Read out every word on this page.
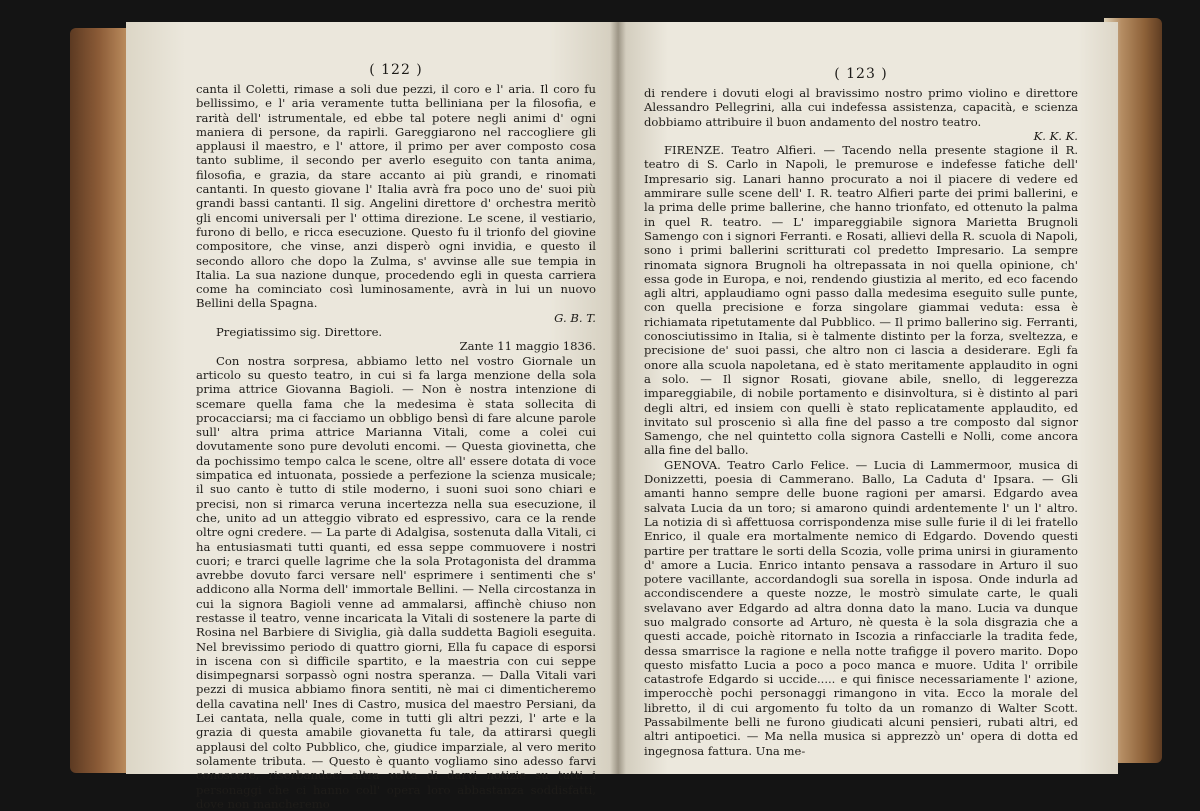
( 122 )

canta il Coletti, rimase a soli due pezzi, il coro e l' aria. Il coro fu bellissimo, e l' aria veramente tutta belliniana per la filosofia, e rarità dell' istrumentale, ed ebbe tal potere negli animi d' ogni maniera di persone, da rapirli. Gareggiarono nel raccogliere gli applausi il maestro, e l' attore, il primo per aver composto cosa tanto sublime, il secondo per averlo eseguito con tanta anima, filosofia, e grazia, da stare accanto ai più grandi, e rinomati cantanti. In questo giovane l' Italia avrà fra poco uno de' suoi più grandi bassi cantanti. Il sig. Angelini direttore d' orchestra meritò gli encomi universali per l' ottima direzione. Le scene, il vestiario, furono di bello, e ricca esecuzione. Questo fu il trionfo del giovine compositore, che vinse, anzi disperò ogni invidia, e questo il secondo alloro che dopo la Zulma, s' avvinse alle sue tempia in Italia. La sua nazione dunque, procedendo egli in questa carriera come ha cominciato così luminosamente, avrà in lui un nuovo Bellini della Spagna.

G. B. T.

Pregiatissimo sig. Direttore.

Zante 11 maggio 1836.

Con nostra sorpresa, abbiamo letto nel vostro Giornale un articolo su questo teatro, in cui si fa larga menzione della sola prima attrice Giovanna Bagioli. — Non è nostra intenzione di scemare quella fama che la medesima è stata sollecita di procacciarsi; ma ci facciamo un obbligo bensì di fare alcune parole sull' altra prima attrice Marianna Vitali, come a colei cui dovutamente sono pure devoluti encomi. — Questa giovinetta, che da pochissimo tempo calca le scene, oltre all' essere dotata di voce simpatica ed intuonata, possiede a perfezione la scienza musicale; il suo canto è tutto di stile moderno, i suoni suoi sono chiari e precisi, non si rimarca veruna incertezza nella sua esecuzione, il che, unito ad un atteggio vibrato ed espressivo, cara ce la rende oltre ogni credere. — La parte di Adalgisa, sostenuta dalla Vitali, ci ha entusiasmati tutti quanti, ed essa seppe commuovere i nostri cuori; e trarci quelle lagrime che la sola Protagonista del dramma avrebbe dovuto farci versare nell' esprimere i sentimenti che s' addicono alla Norma dell' immortale Bellini. — Nella circostanza in cui la signora Bagioli venne ad ammalarsi, affinchè chiuso non restasse il teatro, venne incaricata la Vitali di sostenere la parte di Rosina nel Barbiere di Siviglia, già dalla suddetta Bagioli eseguita. Nel brevissimo periodo di quattro giorni, Ella fu capace di esporsi in iscena con sì difficile spartito, e la maestria con cui seppe disimpegnarsi sorpassò ogni nostra speranza. — Dalla Vitali vari pezzi di musica abbiamo finora sentiti, nè mai ci dimenticheremo della cavatina nell' Ines di Castro, musica del maestro Persiani, da Lei cantata, nella quale, come in tutti gli altri pezzi, l' arte e la grazia di questa amabile giovanetta fu tale, da attirarsi quegli applausi del colto Pubblico, che, giudice imparziale, al vero merito solamente tributa. — Questo è quanto vogliamo sino adesso farvi conoscere, riserbandoci altra volta di darvi notizie su tutti i personaggi che ci hanno coll' opera loro abbastanza soddisfatti, dove non mancheremo

( 123 )

di rendere i dovuti elogi al bravissimo nostro primo violino e direttore Alessandro Pellegrini, alla cui indefessa assistenza, capacità, e scienza dobbiamo attribuire il buon andamento del nostro teatro.

K. K. K.

FIRENZE. Teatro Alfieri. — Tacendo nella presente stagione il R. teatro di S. Carlo in Napoli, le premurose e indefesse fatiche dell' Impresario sig. Lanari hanno procurato a noi il piacere di vedere ed ammirare sulle scene dell' I. R. teatro Alfieri parte dei primi ballerini, e la prima delle prime ballerine, che hanno trionfato, ed ottenuto la palma in quel R. teatro. — L' impareggiabile signora Marietta Brugnoli Samengo con i signori Ferranti. e Rosati, allievi della R. scuola di Napoli, sono i primi ballerini scritturati col predetto Impresario. La sempre rinomata signora Brugnoli ha oltrepassata in noi quella opinione, ch' essa gode in Europa, e noi, rendendo giustizia al merito, ed eco facendo agli altri, applaudiamo ogni passo dalla medesima eseguito sulle punte, con quella precisione e forza singolare giammai veduta: essa è richiamata ripetutamente dal Pubblico. — Il primo ballerino sig. Ferranti, conosciutissimo in Italia, si è talmente distinto per la forza, sveltezza, e precisione de' suoi passi, che altro non ci lascia a desiderare. Egli fa onore alla scuola napoletana, ed è stato meritamente applaudito in ogni a solo. — Il signor Rosati, giovane abile, snello, di leggerezza impareggiabile, di nobile portamento e disinvoltura, si è distinto al pari degli altri, ed insiem con quelli è stato replicatamente applaudito, ed invitato sul proscenio sì alla fine del passo a tre composto dal signor Samengo, che nel quintetto colla signora Castelli e Nolli, come ancora alla fine del ballo.

GENOVA. Teatro Carlo Felice. — Lucia di Lammermoor, musica di Donizzetti, poesia di Cammerano. Ballo, La Caduta d' Ipsara. — Gli amanti hanno sempre delle buone ragioni per amarsi. Edgardo avea salvata Lucia da un toro; si amarono quindi ardentemente l' un l' altro. La notizia di sì affettuosa corrispondenza mise sulle furie il di lei fratello Enrico, il quale era mortalmente nemico di Edgardo. Dovendo questi partire per trattare le sorti della Scozia, volle prima unirsi in giuramento d' amore a Lucia. Enrico intanto pensava a rassodare in Arturo il suo potere vacillante, accordandogli sua sorella in isposa. Onde indurla ad accondiscendere a queste nozze, le mostrò simulate carte, le quali svelavano aver Edgardo ad altra donna dato la mano. Lucia va dunque suo malgrado consorte ad Arturo, nè questa è la sola disgrazia che a questi accade, poichè ritornato in Iscozia a rinfacciarle la tradita fede, dessa smarrisce la ragione e nella notte trafigge il povero marito. Dopo questo misfatto Lucia a poco a poco manca e muore. Udita l' orribile catastrofe Edgardo si uccide..... e qui finisce necessariamente l' azione, imperocchè pochi personaggi rimangono in vita. Ecco la morale del libretto, il di cui argomento fu tolto da un romanzo di Walter Scott. Passabilmente belli ne furono giudicati alcuni pensieri, rubati altri, ed altri antipoetici. — Ma nella musica si apprezzò un' opera di dotta ed ingegnosa fattura. Una me-
